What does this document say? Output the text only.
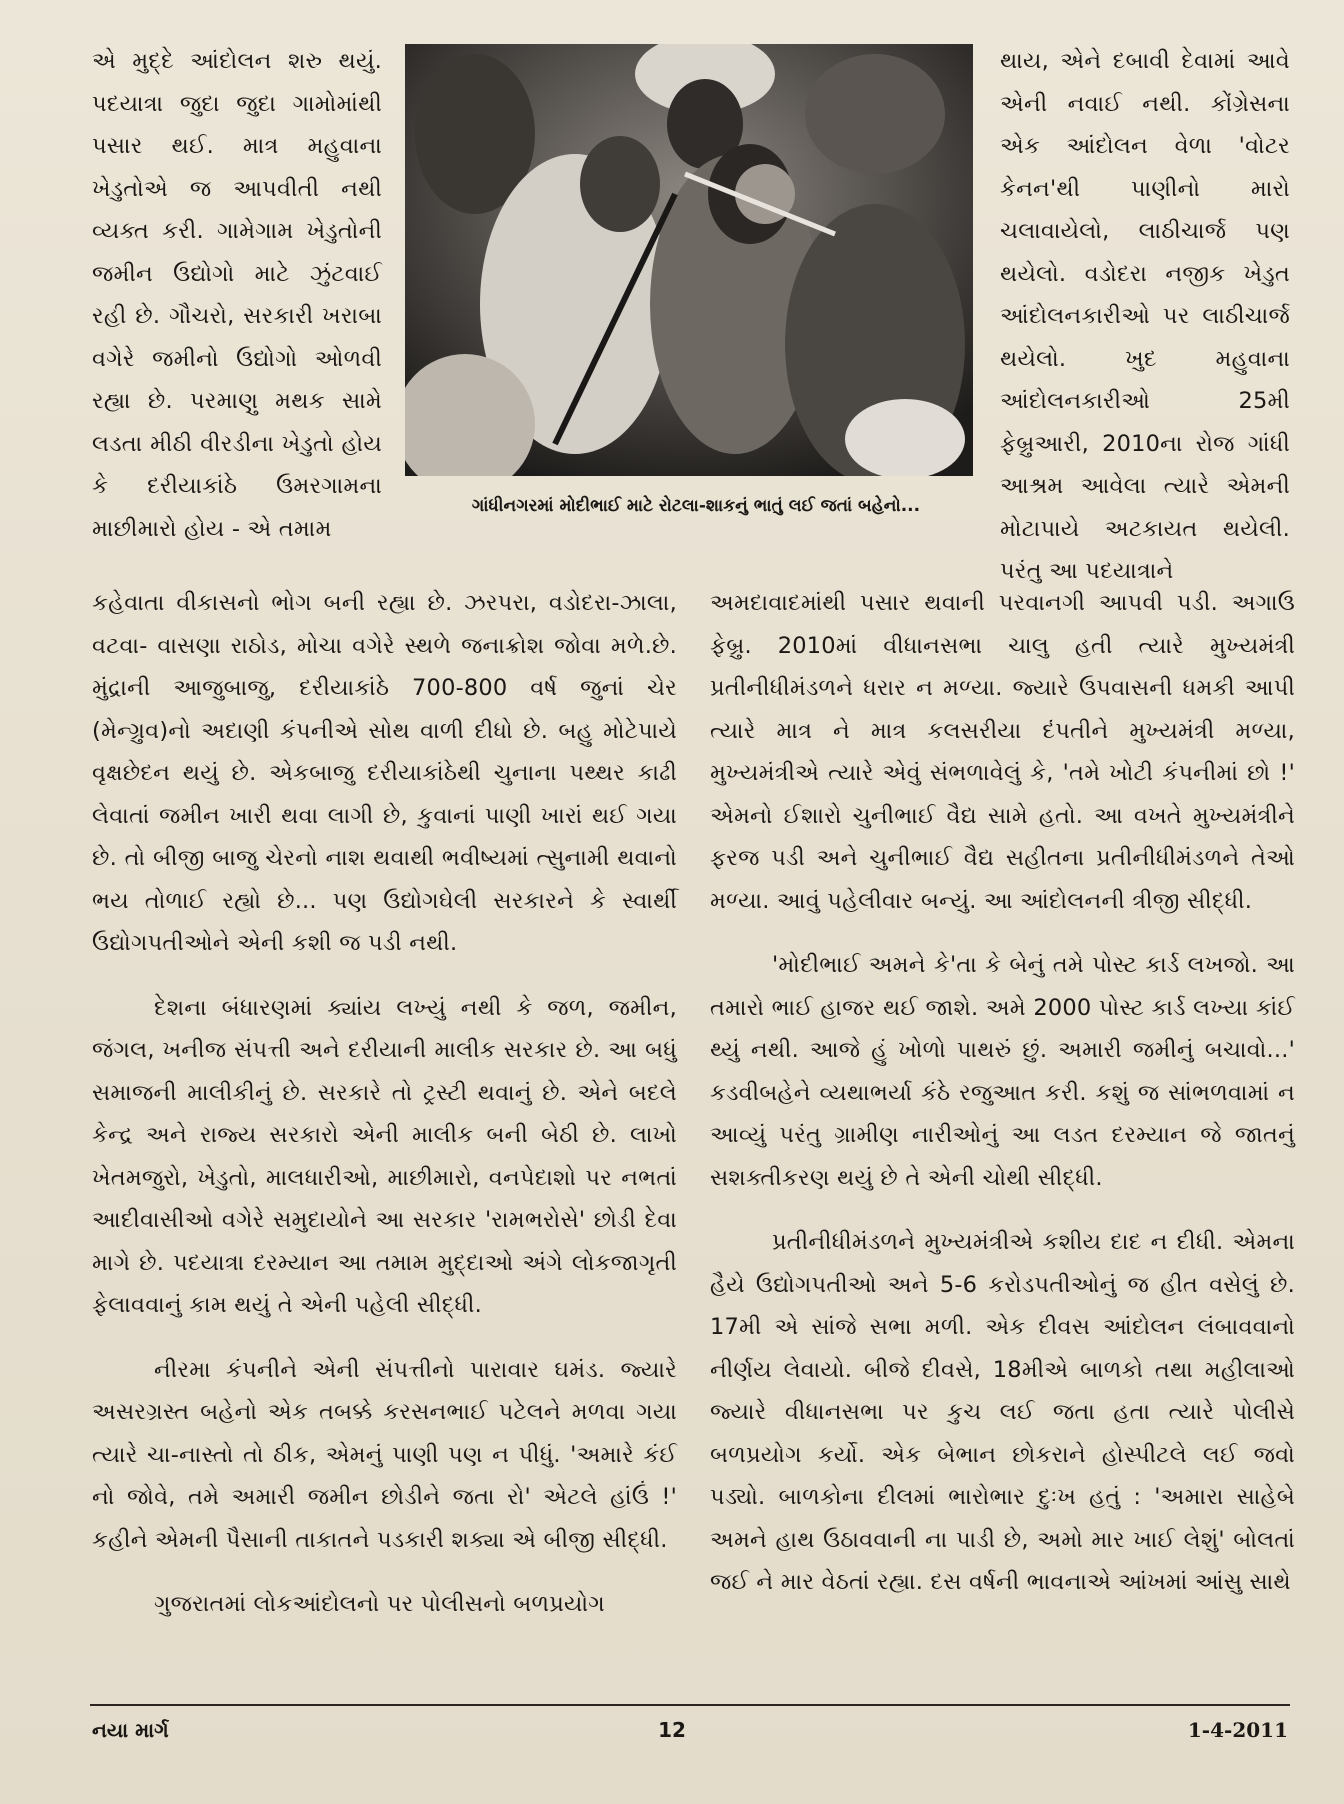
એ મુદ્દે આંદોલન શરુ થયું. પદયાત્રા જુદા જુદા ગામોમાંથી પસાર થઈ. માત્ર મહુવાના ખેડુતોએ જ આપવીતી નથી વ્યક્ત કરી. ગામેગામ ખેડુતોની જમીન ઉદ્યોગો માટે ઝુંટવાઈ રહી છે. ગૌચરો, સરકારી ખરાબા વગેરે જમીનો ઉદ્યોગો ઓળવી રહ્યા છે. પરમાણુ મથક સામે લડતા મીઠી વીરડીના ખેડુતો હોય કે દરીયાકાંઠે ઉમરગામના માછીમારો હોય - એ તમામ

ગાંધીનગરમાં મોદીભાઈ માટે રોટલા-શાકનું ભાતું લઈ જતાં બહેનો...

થાય, એને દબાવી દેવામાં આવે એની નવાઈ નથી. કોંગ્રેસના એક આંદોલન વેળા 'વોટર કેનન'થી પાણીનો મારો ચલાવાયેલો, લાઠીચાર્જ પણ થયેલો. વડોદરા નજીક ખેડુત આંદોલનકારીઓ પર લાઠીચાર્જ થયેલો. ખુદ મહુવાના આંદોલનકારીઓ 25મી ફેબ્રુઆરી, 2010ના રોજ ગાંધી આશ્રમ આવેલા ત્યારે એમની મોટાપાયે અટકાયત થયેલી. પરંતુ આ પદયાત્રાને

કહેવાતા વીકાસનો ભોગ બની રહ્યા છે. ઝરપરા, વડોદરા-ઝાલા, વટવા- વાસણા રાઠોડ, મોચા વગેરે સ્થળે જનાક્રોશ જોવા મળે.છે. મુંદ્રાની આજુબાજુ, દરીયાકાંઠે 700-800 વર્ષ જુનાં ચેર (મેન્ગ્રુવ)નો અદાણી કંપનીએ સોથ વાળી દીધો છે. બહુ મોટેપાયે વૃક્ષછેદન થયું છે. એકબાજુ દરીયાકાંઠેથી ચુનાના પથ્થર કાઢી લેવાતાં જમીન ખારી થવા લાગી છે, કુવાનાં પાણી ખારાં થઈ ગયા છે. તો બીજી બાજુ ચેરનો નાશ થવાથી ભવીષ્યમાં ત્સુનામી થવાનો ભય તોળાઈ રહ્યો છે... પણ ઉદ્યોગઘેલી સરકારને કે સ્વાર્થી ઉદ્યોગપતીઓને એની કશી જ પડી નથી.

દેશના બંધારણમાં ક્યાંય લખ્યું નથી કે જળ, જમીન, જંગલ, ખનીજ સંપત્તી અને દરીયાની માલીક સરકાર છે. આ બધું સમાજની માલીકીનું છે. સરકારે તો ટ્રસ્ટી થવાનું છે. એને બદલે કેન્દ્ર અને રાજ્ય સરકારો એની માલીક બની બેઠી છે. લાખો ખેતમજુરો, ખેડુતો, માલધારીઓ, માછીમારો, વનપેદાશો પર નભતાં આદીવાસીઓ વગેરે સમુદાયોને આ સરકાર 'રામભરોસે' છોડી દેવા માગે છે. પદયાત્રા દરમ્યાન આ તમામ મુદ્દાઓ અંગે લોકજાગૃતી ફેલાવવાનું કામ થયું તે એની પહેલી સીદ્ધી.

નીરમા કંપનીને એની સંપત્તીનો પારાવાર ઘમંડ. જ્યારે અસરગ્રસ્ત બહેનો એક તબક્કે કરસનભાઈ પટેલને મળવા ગયા ત્યારે ચા-નાસ્તો તો ઠીક, એમનું પાણી પણ ન પીધું. 'અમારે કંઈ નો જોવે, તમે અમારી જમીન છોડીને જતા રો' એટલે હાંઉં !' કહીને એમની પૈસાની તાકાતને પડકારી શક્યા એ બીજી સીદ્ધી.

ગુજરાતમાં લોકઆંદોલનો પર પોલીસનો બળપ્રયોગ

અમદાવાદમાંથી પસાર થવાની પરવાનગી આપવી પડી. અગાઉ ફેબ્રુ. 2010માં વીધાનસભા ચાલુ હતી ત્યારે મુખ્યમંત્રી પ્રતીનીધીમંડળને ધરાર ન મળ્યા. જ્યારે ઉપવાસની ધમકી આપી ત્યારે માત્ર ને માત્ર કલસરીયા દંપતીને મુખ્યમંત્રી મળ્યા, મુખ્યમંત્રીએ ત્યારે એવું સંભળાવેલું કે, 'તમે ખોટી કંપનીમાં છો !' એમનો ઈશારો ચુનીભાઈ વૈદ્ય સામે હતો. આ વખતે મુખ્યમંત્રીને ફરજ પડી અને ચુનીભાઈ વૈદ્ય સહીતના પ્રતીનીધીમંડળને તેઓ મળ્યા. આવું પહેલીવાર બન્યું. આ આંદોલનની ત્રીજી સીદ્ધી.

'મોદીભાઈ અમને કે'તા કે બેનું તમે પોસ્ટ કાર્ડ લખજો. આ તમારો ભાઈ હાજર થઈ જાશે. અમે 2000 પોસ્ટ કાર્ડ લખ્યા કાંઈ થ્યું નથી. આજે હું ખોળો પાથરું છું. અમારી જમીનું બચાવો...' કડવીબહેને વ્યથાભર્યા કંઠે રજુઆત કરી. કશું જ સાંભળવામાં ન આવ્યું પરંતુ ગ્રામીણ નારીઓનું આ લડત દરમ્યાન જે જાતનું સશક્તીકરણ થયું છે તે એની ચોથી સીદ્ધી.

પ્રતીનીધીમંડળને મુખ્યમંત્રીએ કશીય દાદ ન દીધી. એમના હૈયે ઉદ્યોગપતીઓ અને 5-6 કરોડપતીઓનું જ હીત વસેલું છે. 17મી એ સાંજે સભા મળી. એક દીવસ આંદોલન લંબાવવાનો નીર્ણય લેવાયો. બીજે દીવસે, 18મીએ બાળકો તથા મહીલાઓ જ્યારે વીધાનસભા પર કુચ લઈ જતા હતા ત્યારે પોલીસે બળપ્રયોગ કર્યો. એક બેભાન છોકરાને હોસ્પીટલે લઈ જવો પડ્યો. બાળકોના દીલમાં ભારોભાર દુઃખ હતું : 'અમારા સાહેબે અમને હાથ ઉઠાવવાની ના પાડી છે, અમો માર ખાઈ લેશું' બોલતાં જઈ ને માર વેઠતાં રહ્યા. દસ વર્ષની ભાવનાએ આંખમાં આંસુ સાથે

નયા માર્ગ	12	1-4-2011
